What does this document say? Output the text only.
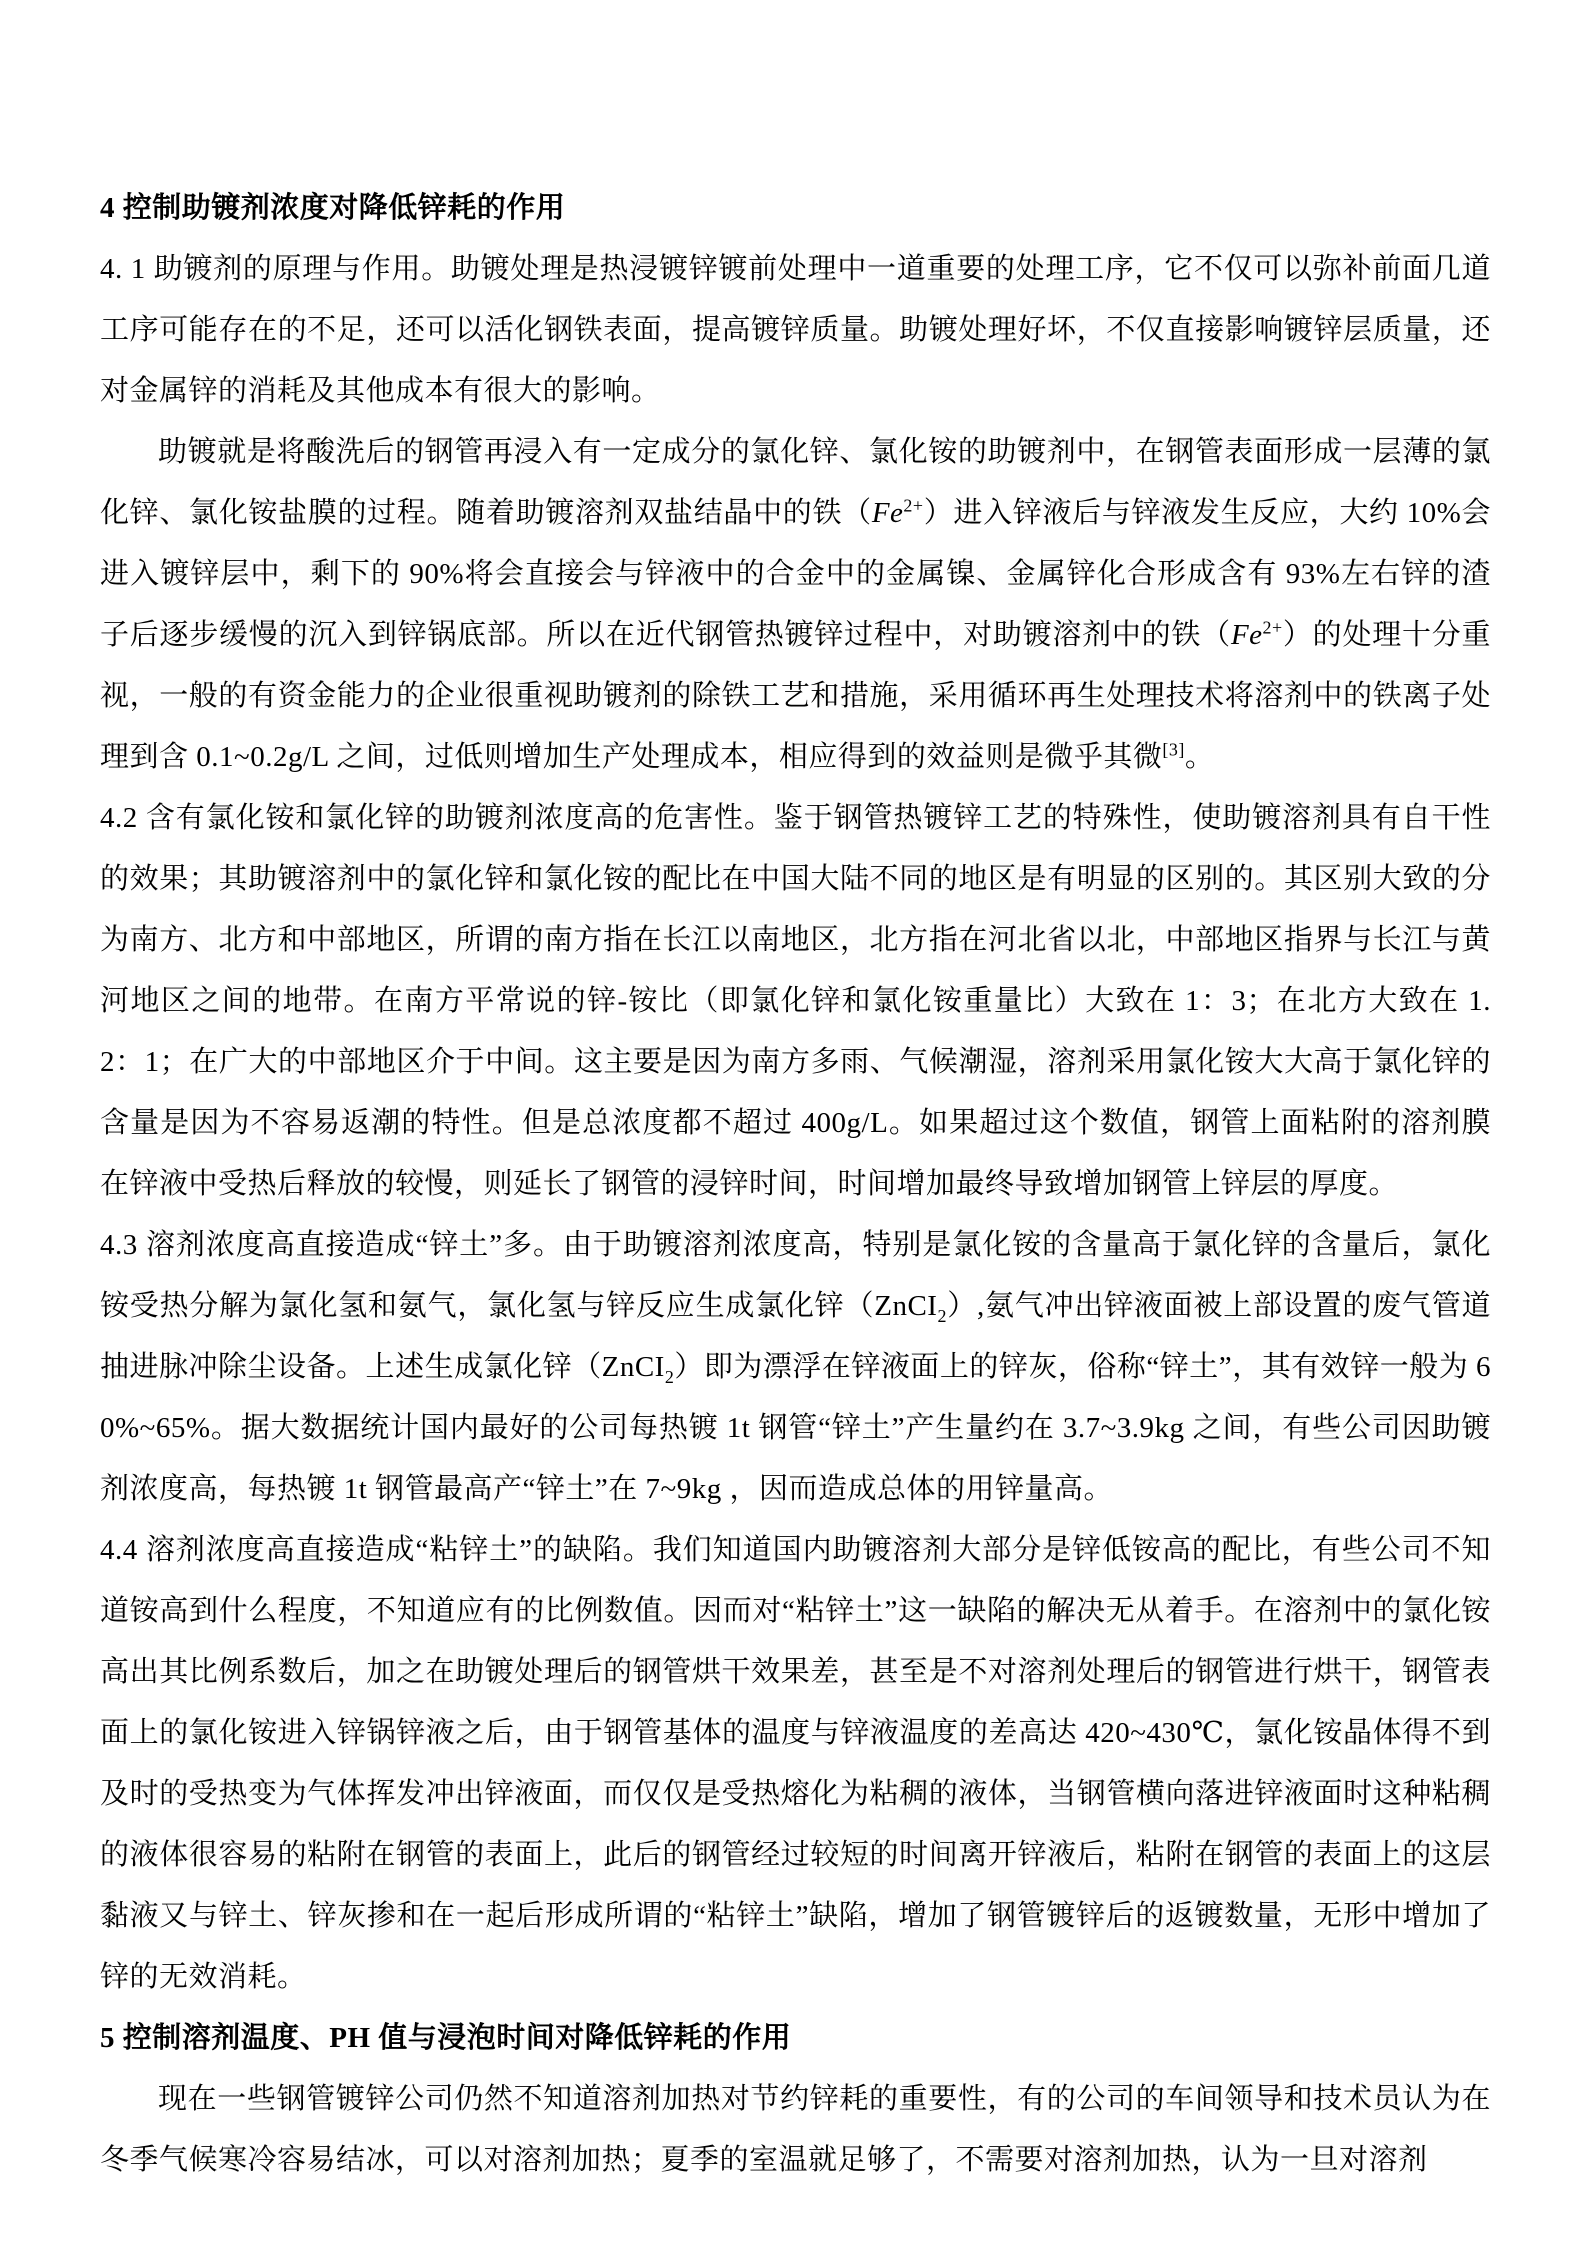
4 控制助镀剂浓度对降低锌耗的作用

4. 1 助镀剂的原理与作用。助镀处理是热浸镀锌镀前处理中一道重要的处理工序，它不仅可以弥补前面几道工序可能存在的不足，还可以活化钢铁表面，提高镀锌质量。助镀处理好坏，不仅直接影响镀锌层质量，还对金属锌的消耗及其他成本有很大的影响。

助镀就是将酸洗后的钢管再浸入有一定成分的氯化锌、氯化铵的助镀剂中，在钢管表面形成一层薄的氯化锌、氯化铵盐膜的过程。随着助镀溶剂双盐结晶中的铁$(Fe^{2+})$进入锌液后与锌液发生反应，大约 10%会进入镀锌层中，剩下的 90%将会直接会与锌液中的合金中的金属镍、金属锌化合形成含有 93%左右锌的渣子后逐步缓慢的沉入到锌锅底部。所以在近代钢管热镀锌过程中，对助镀溶剂中的铁$(Fe^{2+})$的处理十分重视，一般的有资金能力的企业很重视助镀剂的除铁工艺和措施，采用循环再生处理技术将溶剂中的铁离子处理到含 0.1~0.2g/L 之间，过低则增加生产处理成本，相应得到的效益则是微乎其微[3]。

4.2 含有氯化铵和氯化锌的助镀剂浓度高的危害性。鉴于钢管热镀锌工艺的特殊性，使助镀溶剂具有自干性的效果；其助镀溶剂中的氯化锌和氯化铵的配比在中国大陆不同的地区是有明显的区别的。其区别大致的分为南方、北方和中部地区，所谓的南方指在长江以南地区，北方指在河北省以北，中部地区指界与长江与黄河地区之间的地带。在南方平常说的锌-铵比（即氯化锌和氯化铵重量比）大致在 1：3；在北方大致在 1.2：1；在广大的中部地区介于中间。这主要是因为南方多雨、气候潮湿，溶剂采用氯化铵大大高于氯化锌的含量是因为不容易返潮的特性。但是总浓度都不超过 400g/L。如果超过这个数值，钢管上面粘附的溶剂膜在锌液中受热后释放的较慢，则延长了钢管的浸锌时间，时间增加最终导致增加钢管上锌层的厚度。

4.3 溶剂浓度高直接造成“锌土”多。由于助镀溶剂浓度高，特别是氯化铵的含量高于氯化锌的含量后，氯化铵受热分解为氯化氢和氨气，氯化氢与锌反应生成氯化锌（ZnCI$_2$）,氨气冲出锌液面被上部设置的废气管道抽进脉冲除尘设备。上述生成氯化锌（ZnCI$_2$）即为漂浮在锌液面上的锌灰，俗称“锌土”，其有效锌一般为 60%~65%。据大数据统计国内最好的公司每热镀 1t 钢管“锌土”产生量约在 3.7~3.9kg 之间，有些公司因助镀剂浓度高，每热镀 1t 钢管最高产“锌土”在 7~9kg ，因而造成总体的用锌量高。

4.4 溶剂浓度高直接造成“粘锌土”的缺陷。我们知道国内助镀溶剂大部分是锌低铵高的配比，有些公司不知道铵高到什么程度，不知道应有的比例数值。因而对“粘锌土”这一缺陷的解决无从着手。在溶剂中的氯化铵高出其比例系数后，加之在助镀处理后的钢管烘干效果差，甚至是不对溶剂处理后的钢管进行烘干，钢管表面上的氯化铵进入锌锅锌液之后，由于钢管基体的温度与锌液温度的差高达 420~430℃，氯化铵晶体得不到及时的受热变为气体挥发冲出锌液面，而仅仅是受热熔化为粘稠的液体，当钢管横向落进锌液面时这种粘稠的液体很容易的粘附在钢管的表面上，此后的钢管经过较短的时间离开锌液后，粘附在钢管的表面上的这层黏液又与锌土、锌灰掺和在一起后形成所谓的“粘锌土”缺陷，增加了钢管镀锌后的返镀数量，无形中增加了锌的无效消耗。

5 控制溶剂温度、PH 值与浸泡时间对降低锌耗的作用

现在一些钢管镀锌公司仍然不知道溶剂加热对节约锌耗的重要性，有的公司的车间领导和技术员认为在冬季气候寒冷容易结冰，可以对溶剂加热；夏季的室温就足够了，不需要对溶剂加热，认为一旦对溶剂
